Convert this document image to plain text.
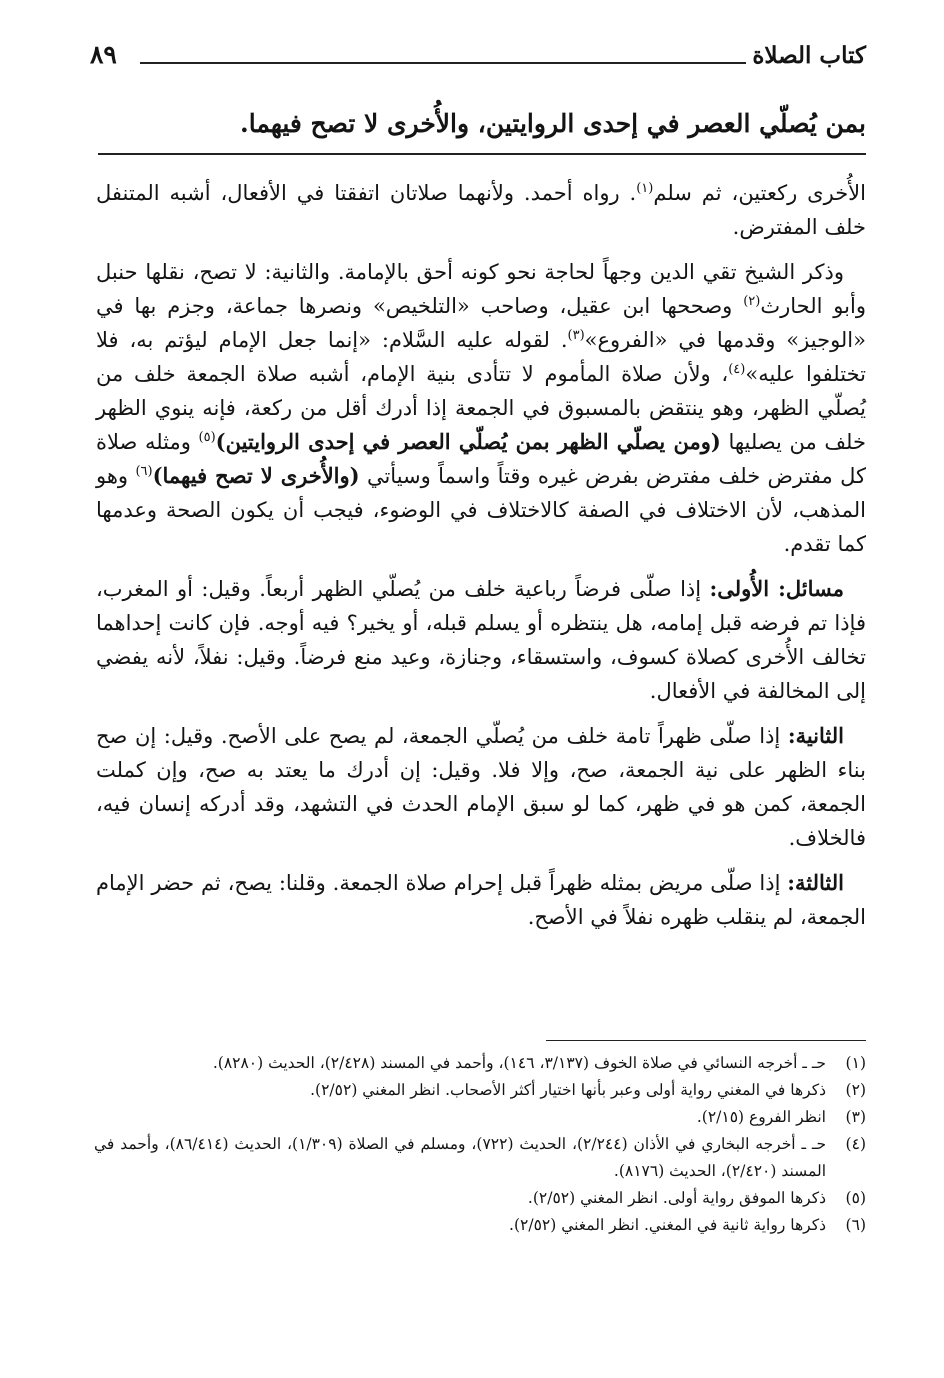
كتاب الصلاة
٨٩
بمن يُصلّي العصر في إحدى الروايتين، والأُخرى لا تصح فيهما.

الأُخرى ركعتين، ثم سلم$^{(١)}$. رواه أحمد. ولأنهما صلاتان اتفقتا في الأفعال، أشبه المتنفل خلف المفترض.

وذكر الشيخ تقي الدين وجهاً لحاجة نحو كونه أحق بالإمامة. والثانية: لا تصح، نقلها حنبل وأبو الحارث$^{(٢)}$ وصححها ابن عقيل، وصاحب «التلخيص» ونصرها جماعة، وجزم بها في «الوجيز» وقدمها في «الفروع»$^{(٣)}$. لقوله عليه السَّلام: «إنما جعل الإمام ليؤتم به، فلا تختلفوا عليه»$^{(٤)}$، ولأن صلاة المأموم لا تتأدى بنية الإمام، أشبه صلاة الجمعة خلف من يُصلّي الظهر، وهو ينتقض بالمسبوق في الجمعة إذا أدرك أقل من ركعة، فإنه ينوي الظهر خلف من يصليها (ومن يصلّي الظهر بمن يُصلّي العصر في إحدى الروايتين)$^{(٥)}$ ومثله صلاة كل مفترض خلف مفترض بفرض غيره وقتاً واسماً وسيأتي (والأُخرى لا تصح فيهما)$^{(٦)}$ وهو المذهب، لأن الاختلاف في الصفة كالاختلاف في الوضوء، فيجب أن يكون الصحة وعدمها كما تقدم.

مسائل: الأُولى: إذا صلّى فرضاً رباعية خلف من يُصلّي الظهر أربعاً. وقيل: أو المغرب، فإذا تم فرضه قبل إمامه، هل ينتظره أو يسلم قبله، أو يخير؟ فيه أوجه. فإن كانت إحداهما تخالف الأُخرى كصلاة كسوف، واستسقاء، وجنازة، وعيد منع فرضاً. وقيل: نفلاً، لأنه يفضي إلى المخالفة في الأفعال.

الثانية: إذا صلّى ظهراً تامة خلف من يُصلّي الجمعة، لم يصح على الأصح. وقيل: إن صح بناء الظهر على نية الجمعة، صح، وإلا فلا. وقيل: إن أدرك ما يعتد به صح، وإن كملت الجمعة، كمن هو في ظهر، كما لو سبق الإمام الحدث في التشهد، وقد أدركه إنسان فيه، فالخلاف.

الثالثة: إذا صلّى مريض بمثله ظهراً قبل إحرام صلاة الجمعة. وقلنا: يصح، ثم حضر الإمام الجمعة، لم ينقلب ظهره نفلاً في الأصح.

(١)
حـ ـ أخرجه النسائي في صلاة الخوف (٣/١٣٧، ١٤٦)، وأحمد في المسند (٢/٤٢٨)، الحديث (٨٢٨٠).
(٢)
ذكرها في المغني رواية أولى وعبر بأنها اختيار أكثر الأصحاب. انظر المغني (٢/٥٢).
(٣)
انظر الفروع (٢/١٥).
(٤)
حـ ـ أخرجه البخاري في الأذان (٢/٢٤٤)، الحديث (٧٢٢)، ومسلم في الصلاة (١/٣٠٩)، الحديث (٨٦/٤١٤)، وأحمد في المسند (٢/٤٢٠)، الحديث (٨١٧٦).
(٥)
ذكرها الموفق رواية أولى. انظر المغني (٢/٥٢).
(٦)
ذكرها رواية ثانية في المغني. انظر المغني (٢/٥٢).
